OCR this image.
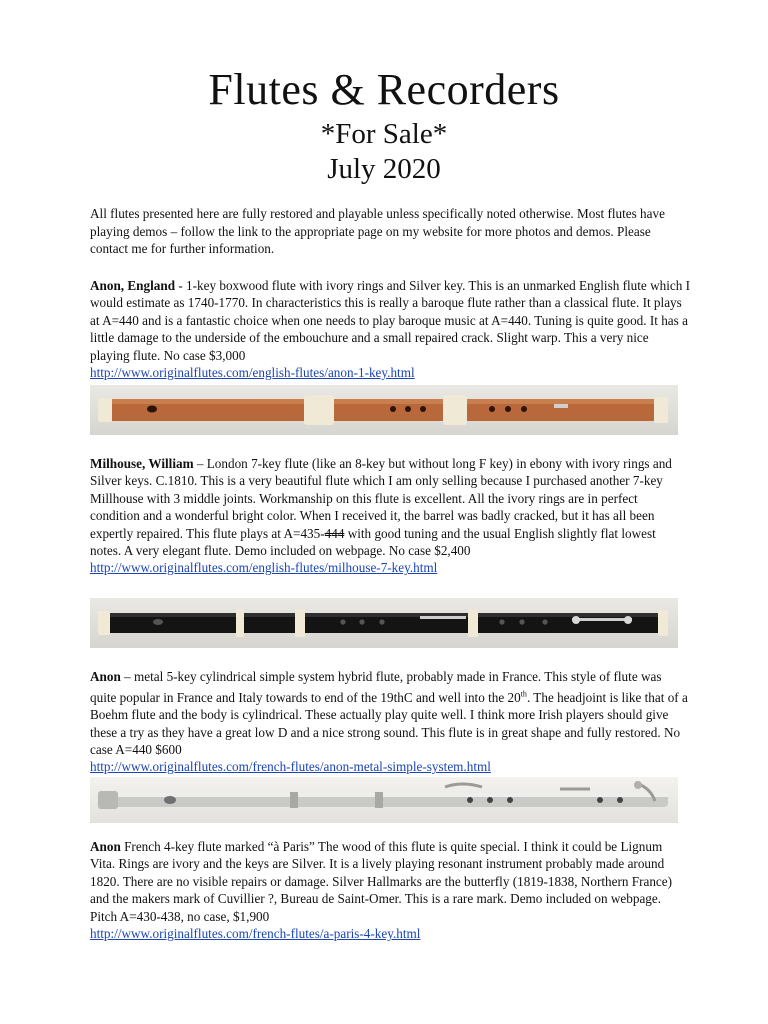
Flutes & Recorders
*For Sale*
July 2020
All flutes presented here are fully restored and playable unless specifically noted otherwise. Most flutes have playing demos – follow the link to the appropriate page on my website for more photos and demos. Please contact me for further information.
Anon, England - 1-key boxwood flute with ivory rings and Silver key. This is an unmarked English flute which I would estimate as 1740-1770. In characteristics this is really a baroque flute rather than a classical flute. It plays at A=440 and is a fantastic choice when one needs to play baroque music at A=440. Tuning is quite good. It has a little damage to the underside of the embouchure and a small repaired crack. Slight warp. This a very nice playing flute. No case $3,000
http://www.originalflutes.com/english-flutes/anon-1-key.html
Milhouse, William – London 7-key flute (like an 8-key but without long F key) in ebony with ivory rings and Silver keys. C.1810. This is a very beautiful flute which I am only selling because I purchased another 7-key Millhouse with 3 middle joints. Workmanship on this flute is excellent. All the ivory rings are in perfect condition and a wonderful bright color. When I received it, the barrel was badly cracked, but it has all been expertly repaired. This flute plays at A=435-444 with good tuning and the usual English slightly flat lowest notes. A very elegant flute. Demo included on webpage. No case $2,400
http://www.originalflutes.com/english-flutes/milhouse-7-key.html
Anon – metal 5-key cylindrical simple system hybrid flute, probably made in France. This style of flute was quite popular in France and Italy towards to end of the 19thC and well into the 20th. The headjoint is like that of a Boehm flute and the body is cylindrical. These actually play quite well. I think more Irish players should give these a try as they have a great low D and a nice strong sound. This flute is in great shape and fully restored. No case A=440 $600
http://www.originalflutes.com/french-flutes/anon-metal-simple-system.html
Anon French 4-key flute marked “à Paris” The wood of this flute is quite special. I think it could be Lignum Vita. Rings are ivory and the keys are Silver. It is a lively playing resonant instrument probably made around 1820. There are no visible repairs or damage. Silver Hallmarks are the butterfly (1819-1838, Northern France) and the makers mark of Cuvillier ?, Bureau de Saint-Omer. This is a rare mark. Demo included on webpage. Pitch A=430-438, no case, $1,900
http://www.originalflutes.com/french-flutes/a-paris-4-key.html
